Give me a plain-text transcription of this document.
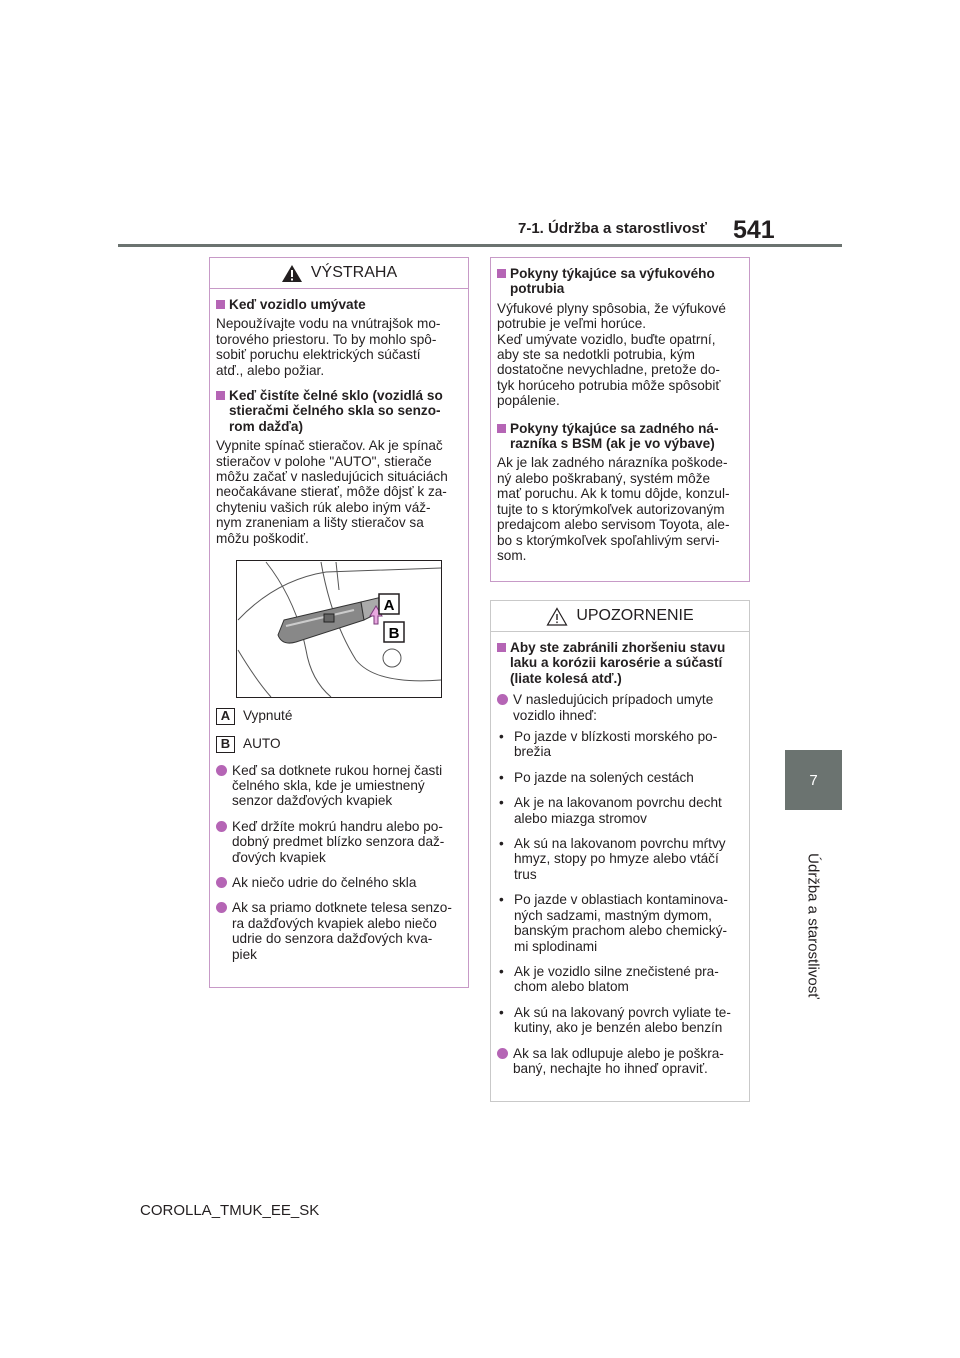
541
7-1. Údržba a starostlivosť
7
Údržba a starostlivosť
COROLLA_TMUK_EE_SK
VÝSTRAHA
Keď vozidlo umývate
Nepoužívajte vodu na vnútrajšok mo-
torového priestoru. To by mohlo spô-
sobiť poruchu elektrických súčastí
atď., alebo požiar.
Keď čistíte čelné sklo (vozidlá so
stieračmi čelného skla so senzo-
rom dažďa)
Vypnite spínač stieračov. Ak je spínač
stieračov v polohe "AUTO", stierače
môžu začať v nasledujúcich situáciách
neočakávane stierať, môže dôjsť k za-
chyteniu vašich rúk alebo iným váž-
nym zraneniam a lišty stieračov sa
môžu poškodiť.
A
B
A Vypnuté
B AUTO
Keď sa dotknete rukou hornej časti
čelného skla, kde je umiestnený
senzor dažďových kvapiek
Keď držíte mokrú handru alebo po-
dobný predmet blízko senzora daž-
ďových kvapiek
Ak niečo udrie do čelného skla
Ak sa priamo dotknete telesa senzo-
ra dažďových kvapiek alebo niečo
udrie do senzora dažďových kva-
piek
Pokyny týkajúce sa výfukového
potrubia
Výfukové plyny spôsobia, že výfukové
potrubie je veľmi horúce.
Keď umývate vozidlo, buďte opatrní,
aby ste sa nedotkli potrubia, kým
dostatočne nevychladne, pretože do-
tyk horúceho potrubia môže spôsobiť
popálenie.
Pokyny týkajúce sa zadného ná-
razníka s BSM (ak je vo výbave)
Ak je lak zadného nárazníka poškode-
ný alebo poškrabaný, systém môže
mať poruchu. Ak k tomu dôjde, konzul-
tujte to s ktorýmkoľvek autorizovaným
predajcom alebo servisom Toyota, ale-
bo s ktorýmkoľvek spoľahlivým servi-
som.
UPOZORNENIE
Aby ste zabránili zhoršeniu stavu
laku a korózii karosérie a súčastí
(liate kolesá atď.)
V nasledujúcich prípadoch umyte
vozidlo ihneď:
• Po jazde v blízkosti morského po-
brežia
• Po jazde na solených cestách
• Ak je na lakovanom povrchu decht
alebo miazga stromov
• Ak sú na lakovanom povrchu mŕtvy
hmyz, stopy po hmyze alebo vtáčí
trus
• Po jazde v oblastiach kontaminova-
ných sadzami, mastným dymom,
banským prachom alebo chemický-
mi splodinami
• Ak je vozidlo silne znečistené pra-
chom alebo blatom
• Ak sú na lakovaný povrch vyliate te-
kutiny, ako je benzén alebo benzín
Ak sa lak odlupuje alebo je poškra-
baný, nechajte ho ihneď opraviť.
